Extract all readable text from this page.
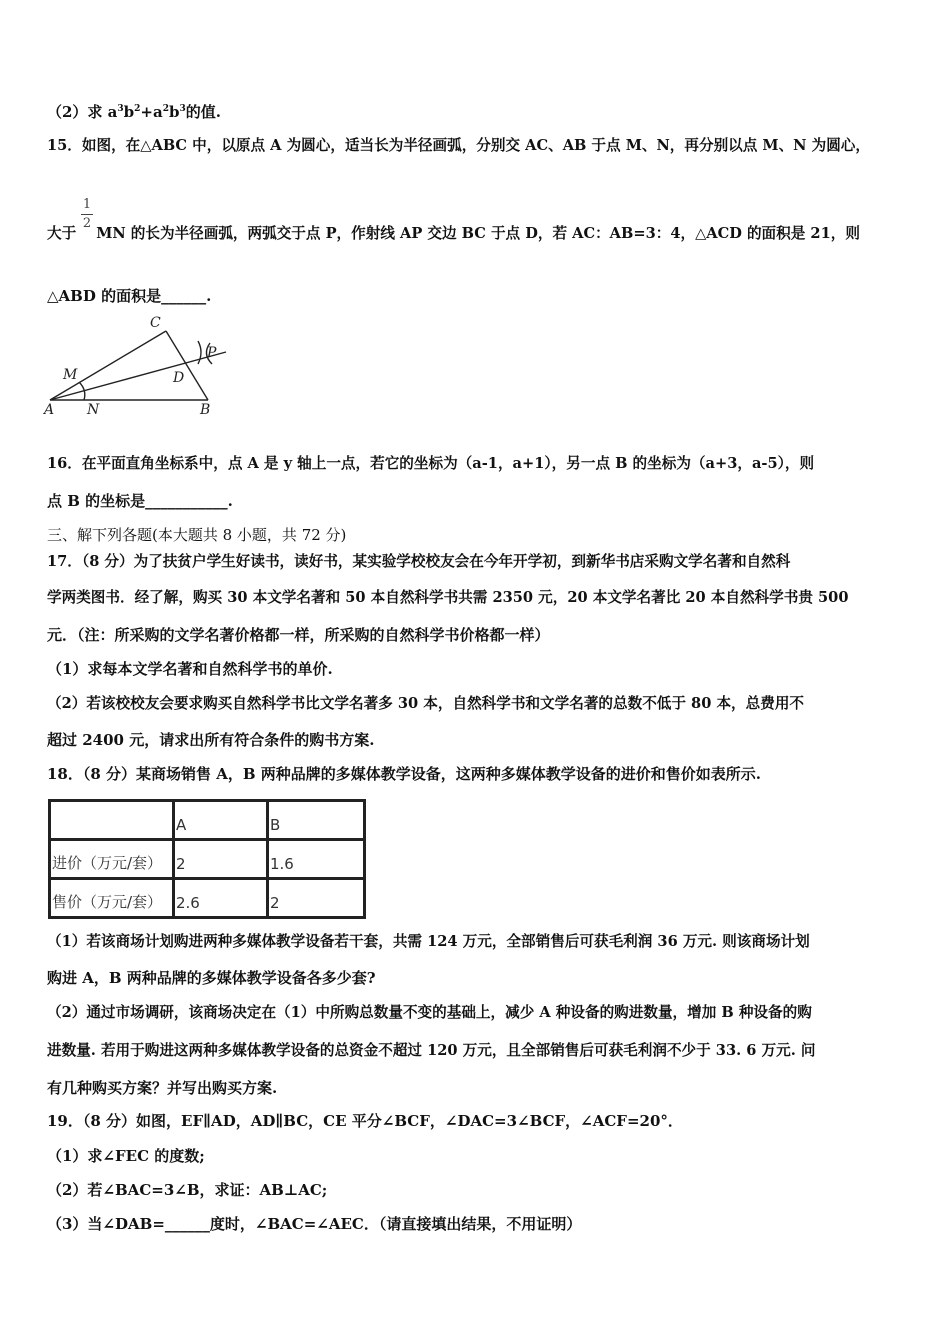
（2）求 $a^3b^2+a^2b^3$的值.
15．如图，在△ABC 中，以原点 A 为圆心，适当长为半径画弧，分别交 AC、AB 于点 M、N，再分别以点 M、N 为圆心，
1
2
大于 MN 的长为半径画弧，两弧交于点 P，作射线 AP 交边 BC 于点 D，若 AC：AB=3：4，△ACD 的面积是 21，则
△ABD 的面积是______.
C
P
M	D
A N	B
16．在平面直角坐标系中，点 A 是 y 轴上一点，若它的坐标为（a-1，a+1），另一点 B 的坐标为（a+3，a-5），则
点 B 的坐标是___________.
三、解下列各题(本大题共 8 小题，共 72 分)
17．（8 分）为了扶贫户学生好读书，读好书，某实验学校校友会在今年开学初，到新华书店采购文学名著和自然科
学两类图书．经了解，购买 30 本文学名著和 50 本自然科学书共需 2350 元，20 本文学名著比 20 本自然科学书贵 500
元．（注：所采购的文学名著价格都一样，所采购的自然科学书价格都一样）
（1）求每本文学名著和自然科学书的单价.
（2）若该校校友会要求购买自然科学书比文学名著多 30 本，自然科学书和文学名著的总数不低于 80 本，总费用不
超过 2400 元，请求出所有符合条件的购书方案.
18．（8 分）某商场销售 A，B 两种品牌的多媒体教学设备，这两种多媒体教学设备的进价和售价如表所示.
	A	B
进价（万元/套）	2	1.6
售价（万元/套）	2.6	2
（1）若该商场计划购进两种多媒体教学设备若干套，共需 124 万元，全部销售后可获毛利润 36 万元. 则该商场计划
购进 A，B 两种品牌的多媒体教学设备各多少套?
（2）通过市场调研，该商场决定在（1）中所购总数量不变的基础上，减少 A 种设备的购进数量，增加 B 种设备的购
进数量. 若用于购进这两种多媒体教学设备的总资金不超过 120 万元，且全部销售后可获毛利润不少于 33. 6 万元. 问
有几种购买方案？并写出购买方案.
19．（8 分）如图，EF∥AD，AD∥BC，CE 平分∠BCF，∠DAC=3∠BCF，∠ACF=20°．
（1）求∠FEC 的度数;
（2）若∠BAC=3∠B，求证：AB⊥AC;
（3）当∠DAB=______度时，∠BAC=∠AEC．（请直接填出结果，不用证明）
